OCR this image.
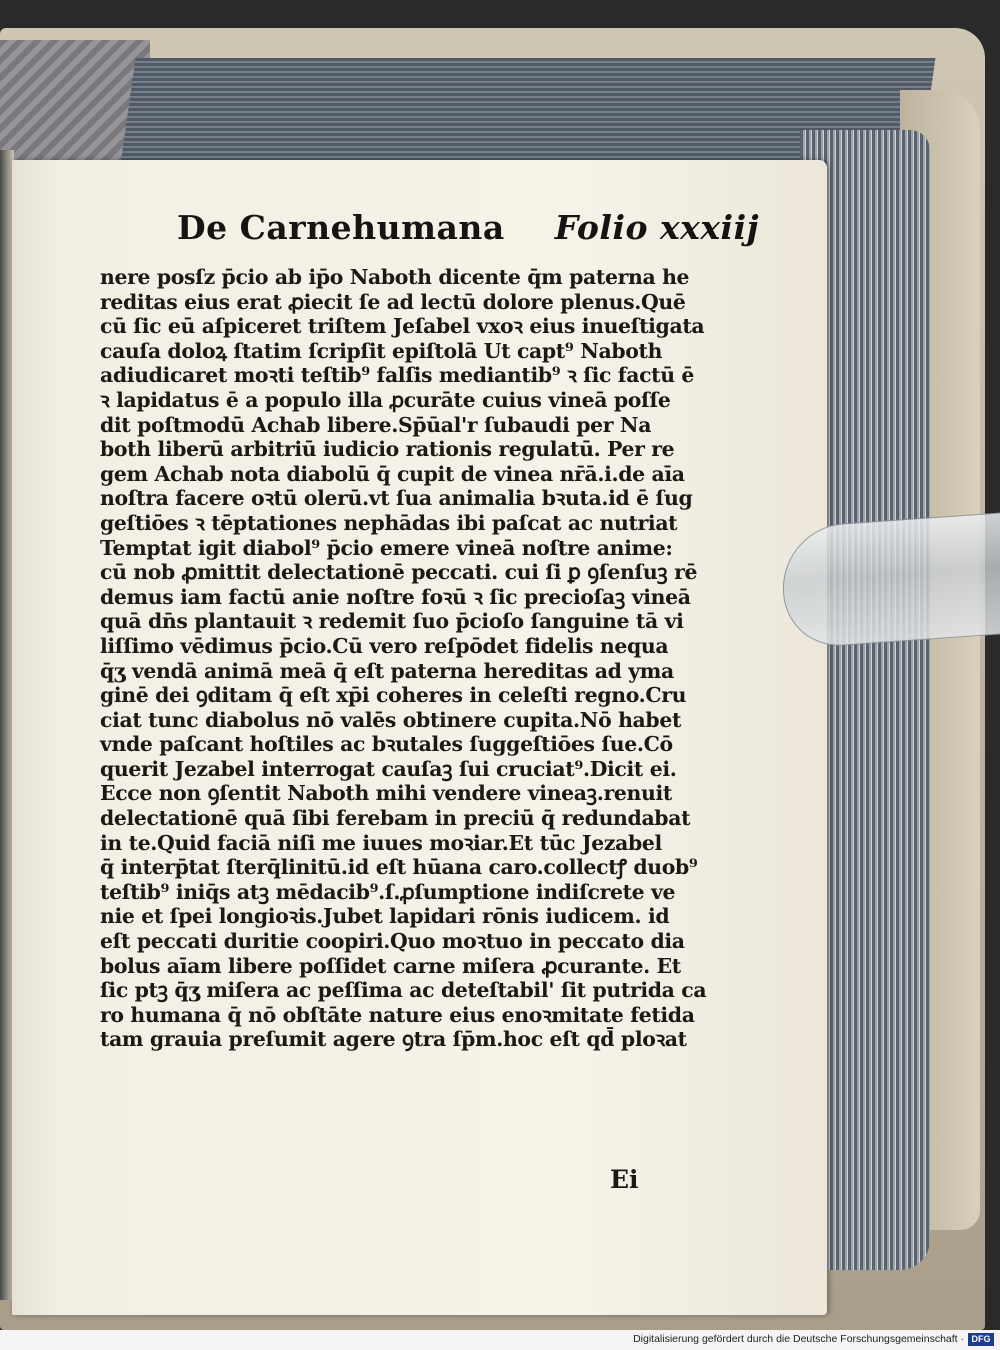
De Carnehumana Folio xxxiij
nere posſz p̄cio ab ip̄o Naboth dicente q̄m paterna he
reditas eius erat ꝓiecit ſe ad lectū dolore plenus.Quē
cū ſic eū aſpiceret triſtem Jeſabel vxoꝛ eius inueſtigata
cauſa doloꝝ ſtatim ſcripſit epiſtolā Ut capt⁹ Naboth
adiudicaret moꝛti teſtib⁹ falſis mediantib⁹ ꝛ ſic factū ē
ꝛ lapidatus ē a populo illa ꝓcurāte cuius vineā poſſe
dit poſtmodū Achab libere.Sp̄ūal'r ſubaudi per Na
both liberū arbitriū iudicio rationis regulatū. Per re
gem Achab nota diabolū q̄ cupit de vinea nr̄ā.i.de aīa
noſtra facere oꝛtū olerū.vt ſua animalia bꝛuta.id ē ſug
geſtiōes ꝛ tēptationes nephādas ibi paſcat ac nutriat
Temptat igit diabol⁹ p̄cio emere vineā noſtre anime:
cū nob ꝓmittit delectationē peccati. cui ſi ꝑ ꝯſenſuꝫ rē
demus iam factū anie noſtre foꝛū ꝛ ſic precioſaꝫ vineā
quā dn̄s plantauit ꝛ redemit ſuo p̄cioſo ſanguine tā vi
liſſimo vēdimus p̄cio.Cū vero reſpōdet fidelis nequa
q̄ʒ vendā animā meā q̄ eſt paterna hereditas ad yma
ginē dei ꝯditam q̄ eſt xp̄i coheres in celeſti regno.Cru
ciat tunc diabolus nō valēs obtinere cupita.Nō habet
vnde paſcant hoſtiles ac bꝛutales ſuggeſtiōes ſue.Cō
querit Jezabel interrogat cauſaꝫ ſui cruciat⁹.Dicit ei.
Ecce non ꝯſentit Naboth mihi vendere vineaꝫ.renuit
delectationē quā ſibi ferebam in preciū q̄ redundabat
in te.Quid faciā niſi me iuues moꝛiar.Et tūc Jezabel
q̄ interp̄tat ſterq̄linitū.id eſt hūana caro.collectꝭ duob⁹
teſtib⁹ iniq̄s atꝫ mēdacib⁹.ſ.ꝓſumptione indiſcrete ve
nie et ſpei longioꝛis.Jubet lapidari rōnis iudicem. id
eſt peccati duritie coopiri.Quo moꝛtuo in peccato dia
bolus aīam libere poſſidet carne miſera ꝓcurante. Et
ſic ptꝫ q̄ʒ miſera ac peſſima ac deteſtabil' ſit putrida ca
ro humana q̄ nō obſtāte nature eius enoꝛmitate fetida
tam grauia preſumit agere ꝯtra ſp̄m.hoc eſt qd̄ ploꝛat
Ei
Digitalisierung gefördert durch die Deutsche Forschungsgemeinschaft · DFG
